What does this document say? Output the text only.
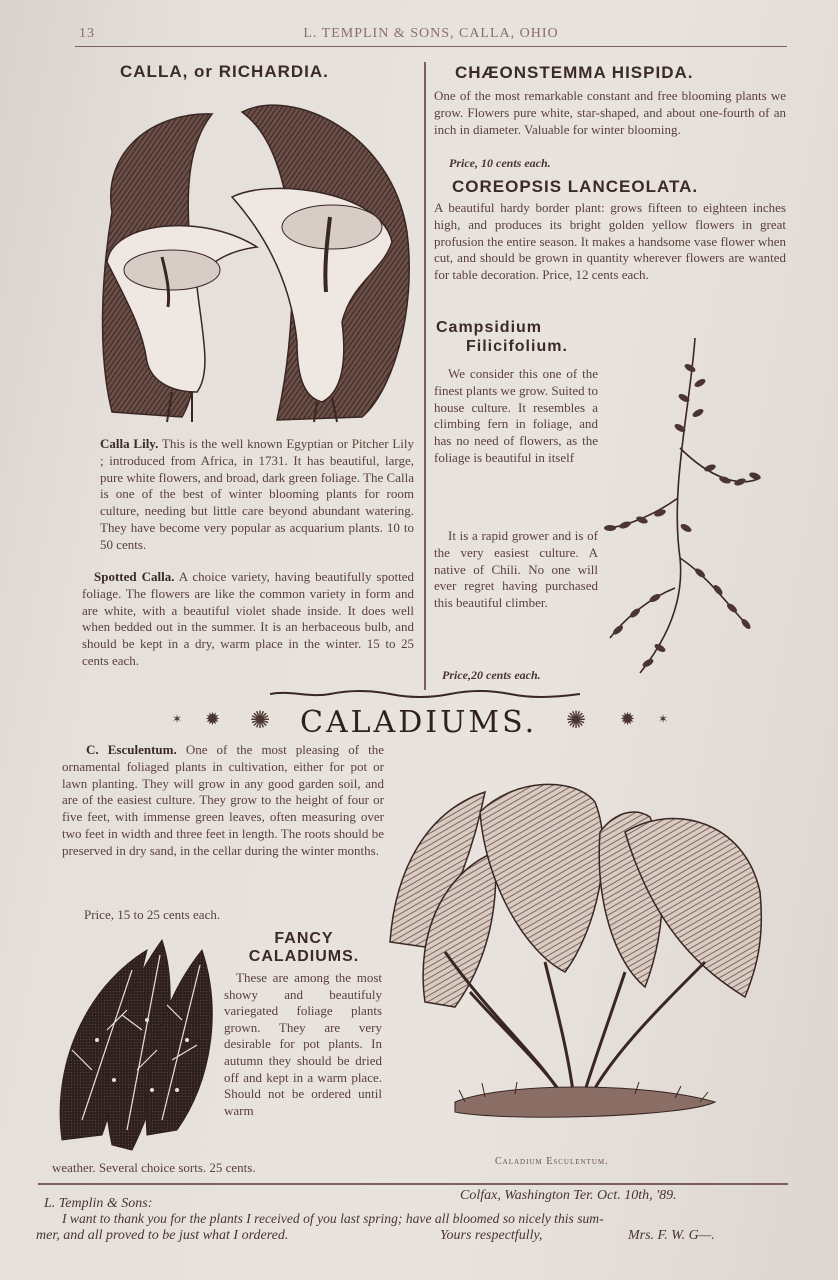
13	L. TEMPLIN & SONS, CALLA, OHIO
CALLA, or RICHARDIA.
Calla Lily. This is the well known Egyptian or Pitcher Lily ; introduced from Africa, in 1731. It has beautiful, large, pure white flowers, and broad, dark green foliage. The Calla is one of the best of winter blooming plants for room culture, needing but little care beyond abundant watering. They have become very popular as acquarium plants. 10 to 50 cents.
Spotted Calla. A choice variety, having beautifully spotted foliage. The flowers are like the common variety in form and are white, with a beautiful violet shade inside. It does well when bedded out in the summer. It is an herbaceous bulb, and should be kept in a dry, warm place in the winter. 15 to 25 cents each.
CHÆONSTEMMA HISPIDA.
One of the most remarkable constant and free blooming plants we grow. Flowers pure white, star-shaped, and about one-fourth of an inch in diameter. Valuable for winter blooming.
Price, 10 cents each.
COREOPSIS LANCEOLATA.
A beautiful hardy border plant: grows fifteen to eighteen inches high, and produces its bright golden yellow flowers in great profusion the entire season. It makes a handsome vase flower when cut, and should be grown in quantity wherever flowers are wanted for table decoration. Price, 12 cents each.
Campsidium
Filicifolium.
We consider this one of the finest plants we grow. Suited to house culture. It resembles a climbing fern in foliage, and has no need of flowers, as the foliage is beautiful in itself
It is a rapid grower and is of the very easiest culture. A native of Chili. No one will ever regret having purchased this beautiful climber.
Price,20 cents each.
✶ ✹ ✺ CALADIUMS. ✺ ✹ ✶
C. Esculentum. One of the most pleasing of the ornamental foliaged plants in cultivation, either for pot or lawn planting. They will grow in any good garden soil, and are of the easiest culture. They grow to the height of four or five feet, with immense green leaves, often measuring over two feet in width and three feet in length. The roots should be preserved in dry sand, in the cellar during the winter months.
Price, 15 to 25 cents each.
FANCY
CALADIUMS.
These are among the most showy and beautifuly variegated foliage plants grown. They are very desirable for pot plants. In autumn they should be dried off and kept in a warm place. Should not be ordered until warm
weather. Several choice sorts. 25 cents.	Caladium Esculentum.
L. Templin & Sons:
Colfax, Washington Ter. Oct. 10th, '89.
I want to thank you for the plants I received of you last spring; have all bloomed so nicely this sum-
mer, and all proved to be just what I ordered.	Yours respectfully,	Mrs. F. W. G—.
